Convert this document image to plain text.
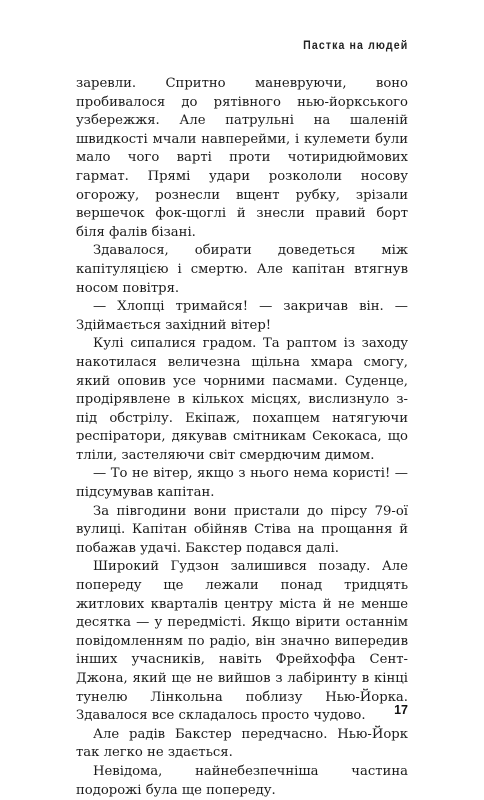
Пастка на людей

заревли. Спритно маневруючи, воно пробивалося до рятівного нью-йоркського узбережжя. Але патрульні на шаленій швидкості мчали навперейми, і кулемети були мало чого варті проти чотиридюймових гармат. Прямі удари розкололи носову огорожу, рознесли вщент рубку, зрізали вершечок фок-щоглі й знесли правий борт біля фалів бізані.

Здавалося, обирати доведеться між капітуляцією і смертю. Але капітан втягнув носом повітря.

— Хлопці тримайся! — закричав він. — Здіймається західний вітер!

Кулі сипалися градом. Та раптом із заходу накотилася величезна щільна хмара смогу, який оповив усе чорними пасмами. Суденце, продірявлене в кількох місцях, вислизнуло з-під обстрілу. Екіпаж, похапцем натягуючи респіратори, дякував смітникам Секокаса, що тліли, застеляючи світ смердючим димом.

— То не вітер, якщо з нього нема користі! — підсумував капітан.

За півгодини вони пристали до пірсу 79-ої вулиці. Капітан обійняв Стіва на прощання й побажав удачі. Бакстер подався далі.

Широкий Гудзон залишився позаду. Але попереду ще лежали понад тридцять житлових кварталів центру міста й не менше десятка — у передмісті. Якщо вірити останнім повідомленням по радіо, він значно випередив інших учасників, навіть Фрейхоффа Сент-Джона, який ще не вийшов з лабіринту в кінці тунелю Лінкольна поблизу Нью-Йорка. Здавалося все складалось просто чудово.

Але радів Бакстер передчасно. Нью-Йорк так легко не здається.

Невідома, найнебезпечніша частина подорожі була ще попереду.

17
